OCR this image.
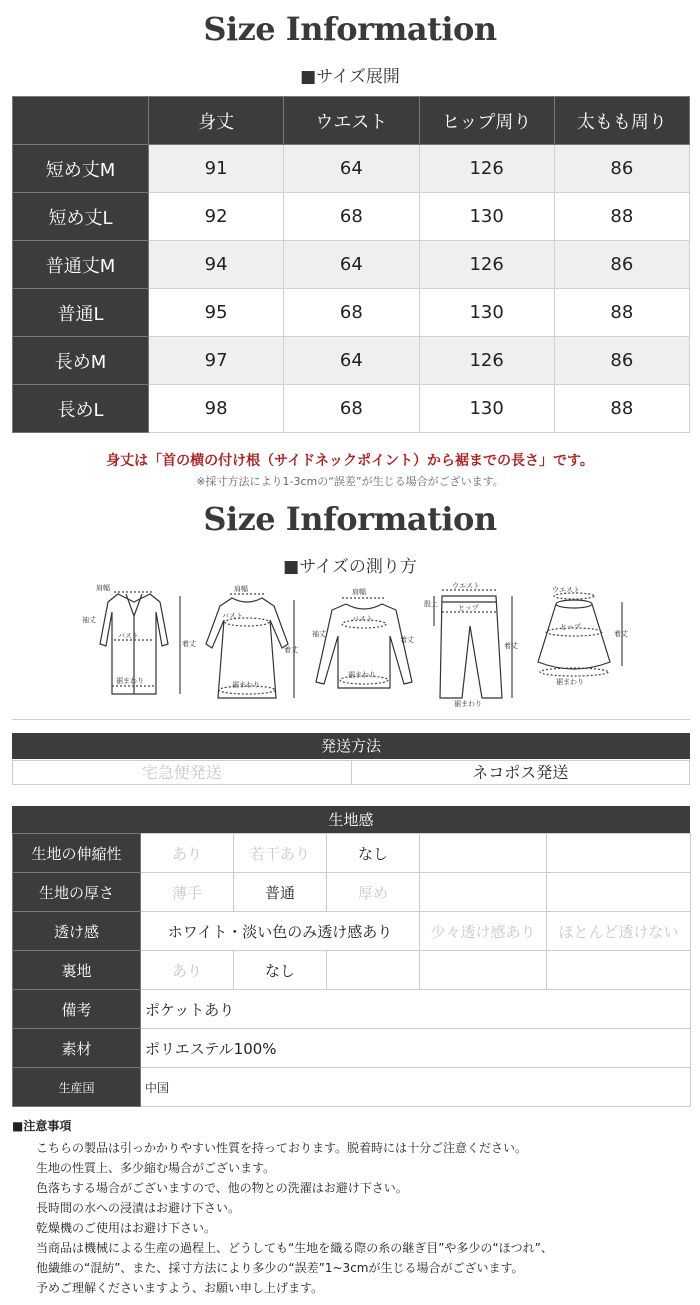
Size Information
■サイズ展開
	身丈	ウエスト	ヒップ周り	太もも周り
短め丈M	91	64	126	86
短め丈L	92	68	130	88
普通丈M	94	64	126	86
普通L	95	68	130	88
長めM	97	64	126	86
長めL	98	68	130	88
身丈は「首の横の付け根（サイドネックポイント）から裾までの長さ」です。
※採寸方法により1-3cmの“誤差”が生じる場合がございます。
Size Information
■サイズの測り方
肩幅
袖丈
バスト
着丈
裾まわり
肩幅
バスト
着丈
裾まわり
肩幅
バスト
袖丈
着丈
裾まわり
ウエスト
ヒップ
股上
着丈
裾まわり
ウエスト
ヒップ
着丈
裾まわり
発送方法
宅急便発送	ネコポス発送
生地感
生地の伸縮性	あり	若干あり	なし		
生地の厚さ	薄手	普通	厚め		
透け感	ホワイト・淡い色のみ透け感あり			少々透け感あり	ほとんど透けない
裏地	あり	なし			
備考	ポケットあり				
素材	ポリエステル100%				
生産国	中国				
■注意事項
こちらの製品は引っかかりやすい性質を持っております。脱着時には十分ご注意ください。
生地の性質上、多少縮む場合がございます。
色落ちする場合がございますので、他の物との洗濯はお避け下さい。
長時間の水への浸漬はお避け下さい。
乾燥機のご使用はお避け下さい。
当商品は機械による生産の過程上、どうしても“生地を織る際の糸の継ぎ目”や多少の“ほつれ”、
他繊維の“混紡”、また、採寸方法により多少の“誤差”1~3cmが生じる場合がございます。
予めご理解くださいますよう、お願い申し上げます。
